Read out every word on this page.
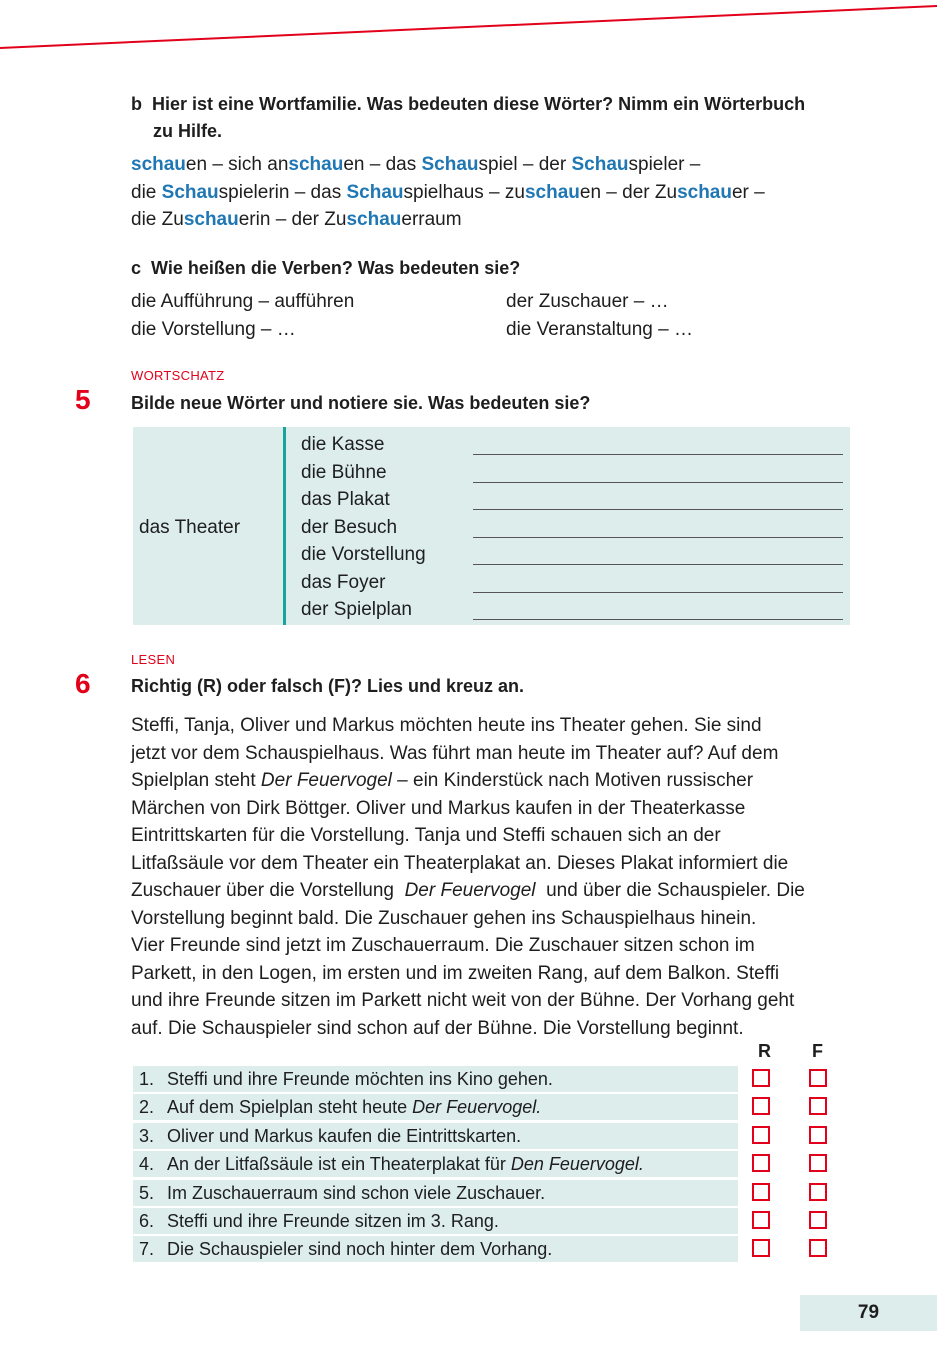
b Hier ist eine Wortfamilie. Was bedeuten diese Wörter? Nimm ein Wörterbuch
zu Hilfe.
schauen – sich anschauen – das Schauspiel – der Schauspieler –
die Schauspielerin – das Schauspielhaus – zuschauen – der Zuschauer –
die Zuschauerin – der Zuschauerraum
c Wie heißen die Verben? Was bedeuten sie?
die Aufführung – aufführen
die Vorstellung – …
der Zuschauer – …
die Veranstaltung – …
WORTSCHATZ
5 Bilde neue Wörter und notiere sie. Was bedeuten sie?
das Theater
die Kasse
die Bühne
das Plakat
der Besuch
die Vorstellung
das Foyer
der Spielplan
LESEN
6 Richtig (R) oder falsch (F)? Lies und kreuz an.
Steffi, Tanja, Oliver und Markus möchten heute ins Theater gehen. Sie sind
jetzt vor dem Schauspielhaus. Was führt man heute im Theater auf? Auf dem
Spielplan steht Der Feuervogel – ein Kinderstück nach Motiven russischer
Märchen von Dirk Böttger. Oliver und Markus kaufen in der Theaterkasse
Eintrittskarten für die Vorstellung. Tanja und Steffi schauen sich an der
Litfaßsäule vor dem Theater ein Theaterplakat an. Dieses Plakat informiert die
Zuschauer über die Vorstellung  Der Feuervogel  und über die Schauspieler. Die
Vorstellung beginnt bald. Die Zuschauer gehen ins Schauspielhaus hinein.
Vier Freunde sind jetzt im Zuschauerraum. Die Zuschauer sitzen schon im
Parkett, in den Logen, im ersten und im zweiten Rang, auf dem Balkon. Steffi
und ihre Freunde sitzen im Parkett nicht weit von der Bühne. Der Vorhang geht
auf. Die Schauspieler sind schon auf der Bühne. Die Vorstellung beginnt.
R F
1. Steffi und ihre Freunde möchten ins Kino gehen.
2. Auf dem Spielplan steht heute Der Feuervogel.
3. Oliver und Markus kaufen die Eintrittskarten.
4. An der Litfaßsäule ist ein Theaterplakat für Den Feuervogel.
5. Im Zuschauerraum sind schon viele Zuschauer.
6. Steffi und ihre Freunde sitzen im 3. Rang.
7. Die Schauspieler sind noch hinter dem Vorhang.
79
